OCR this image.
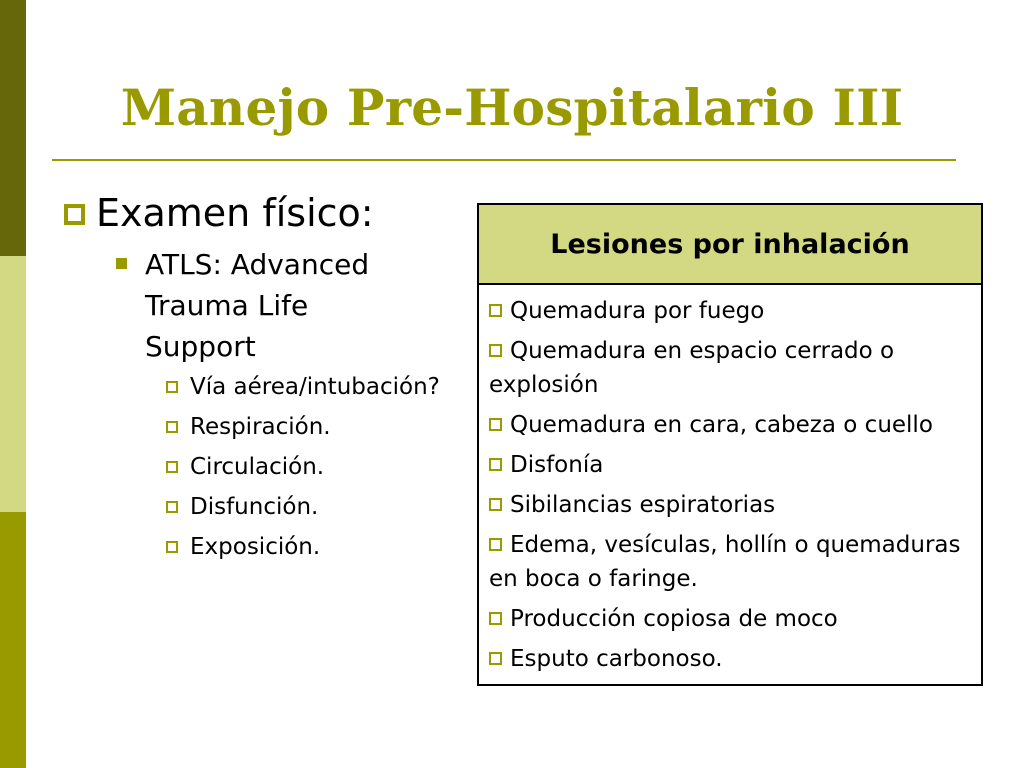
Manejo Pre-Hospitalario III
Examen físico:
ATLS: Advanced Trauma Life Support
Vía aérea/intubación?
Respiración.
Circulación.
Disfunción.
Exposición.
Lesiones por inhalación
Quemadura por fuego
Quemadura en espacio cerrado o explosión
Quemadura en cara, cabeza o cuello
Disfonía
Sibilancias espiratorias
Edema, vesículas, hollín o quemaduras en boca o faringe.
Producción copiosa de moco
Esputo carbonoso.
